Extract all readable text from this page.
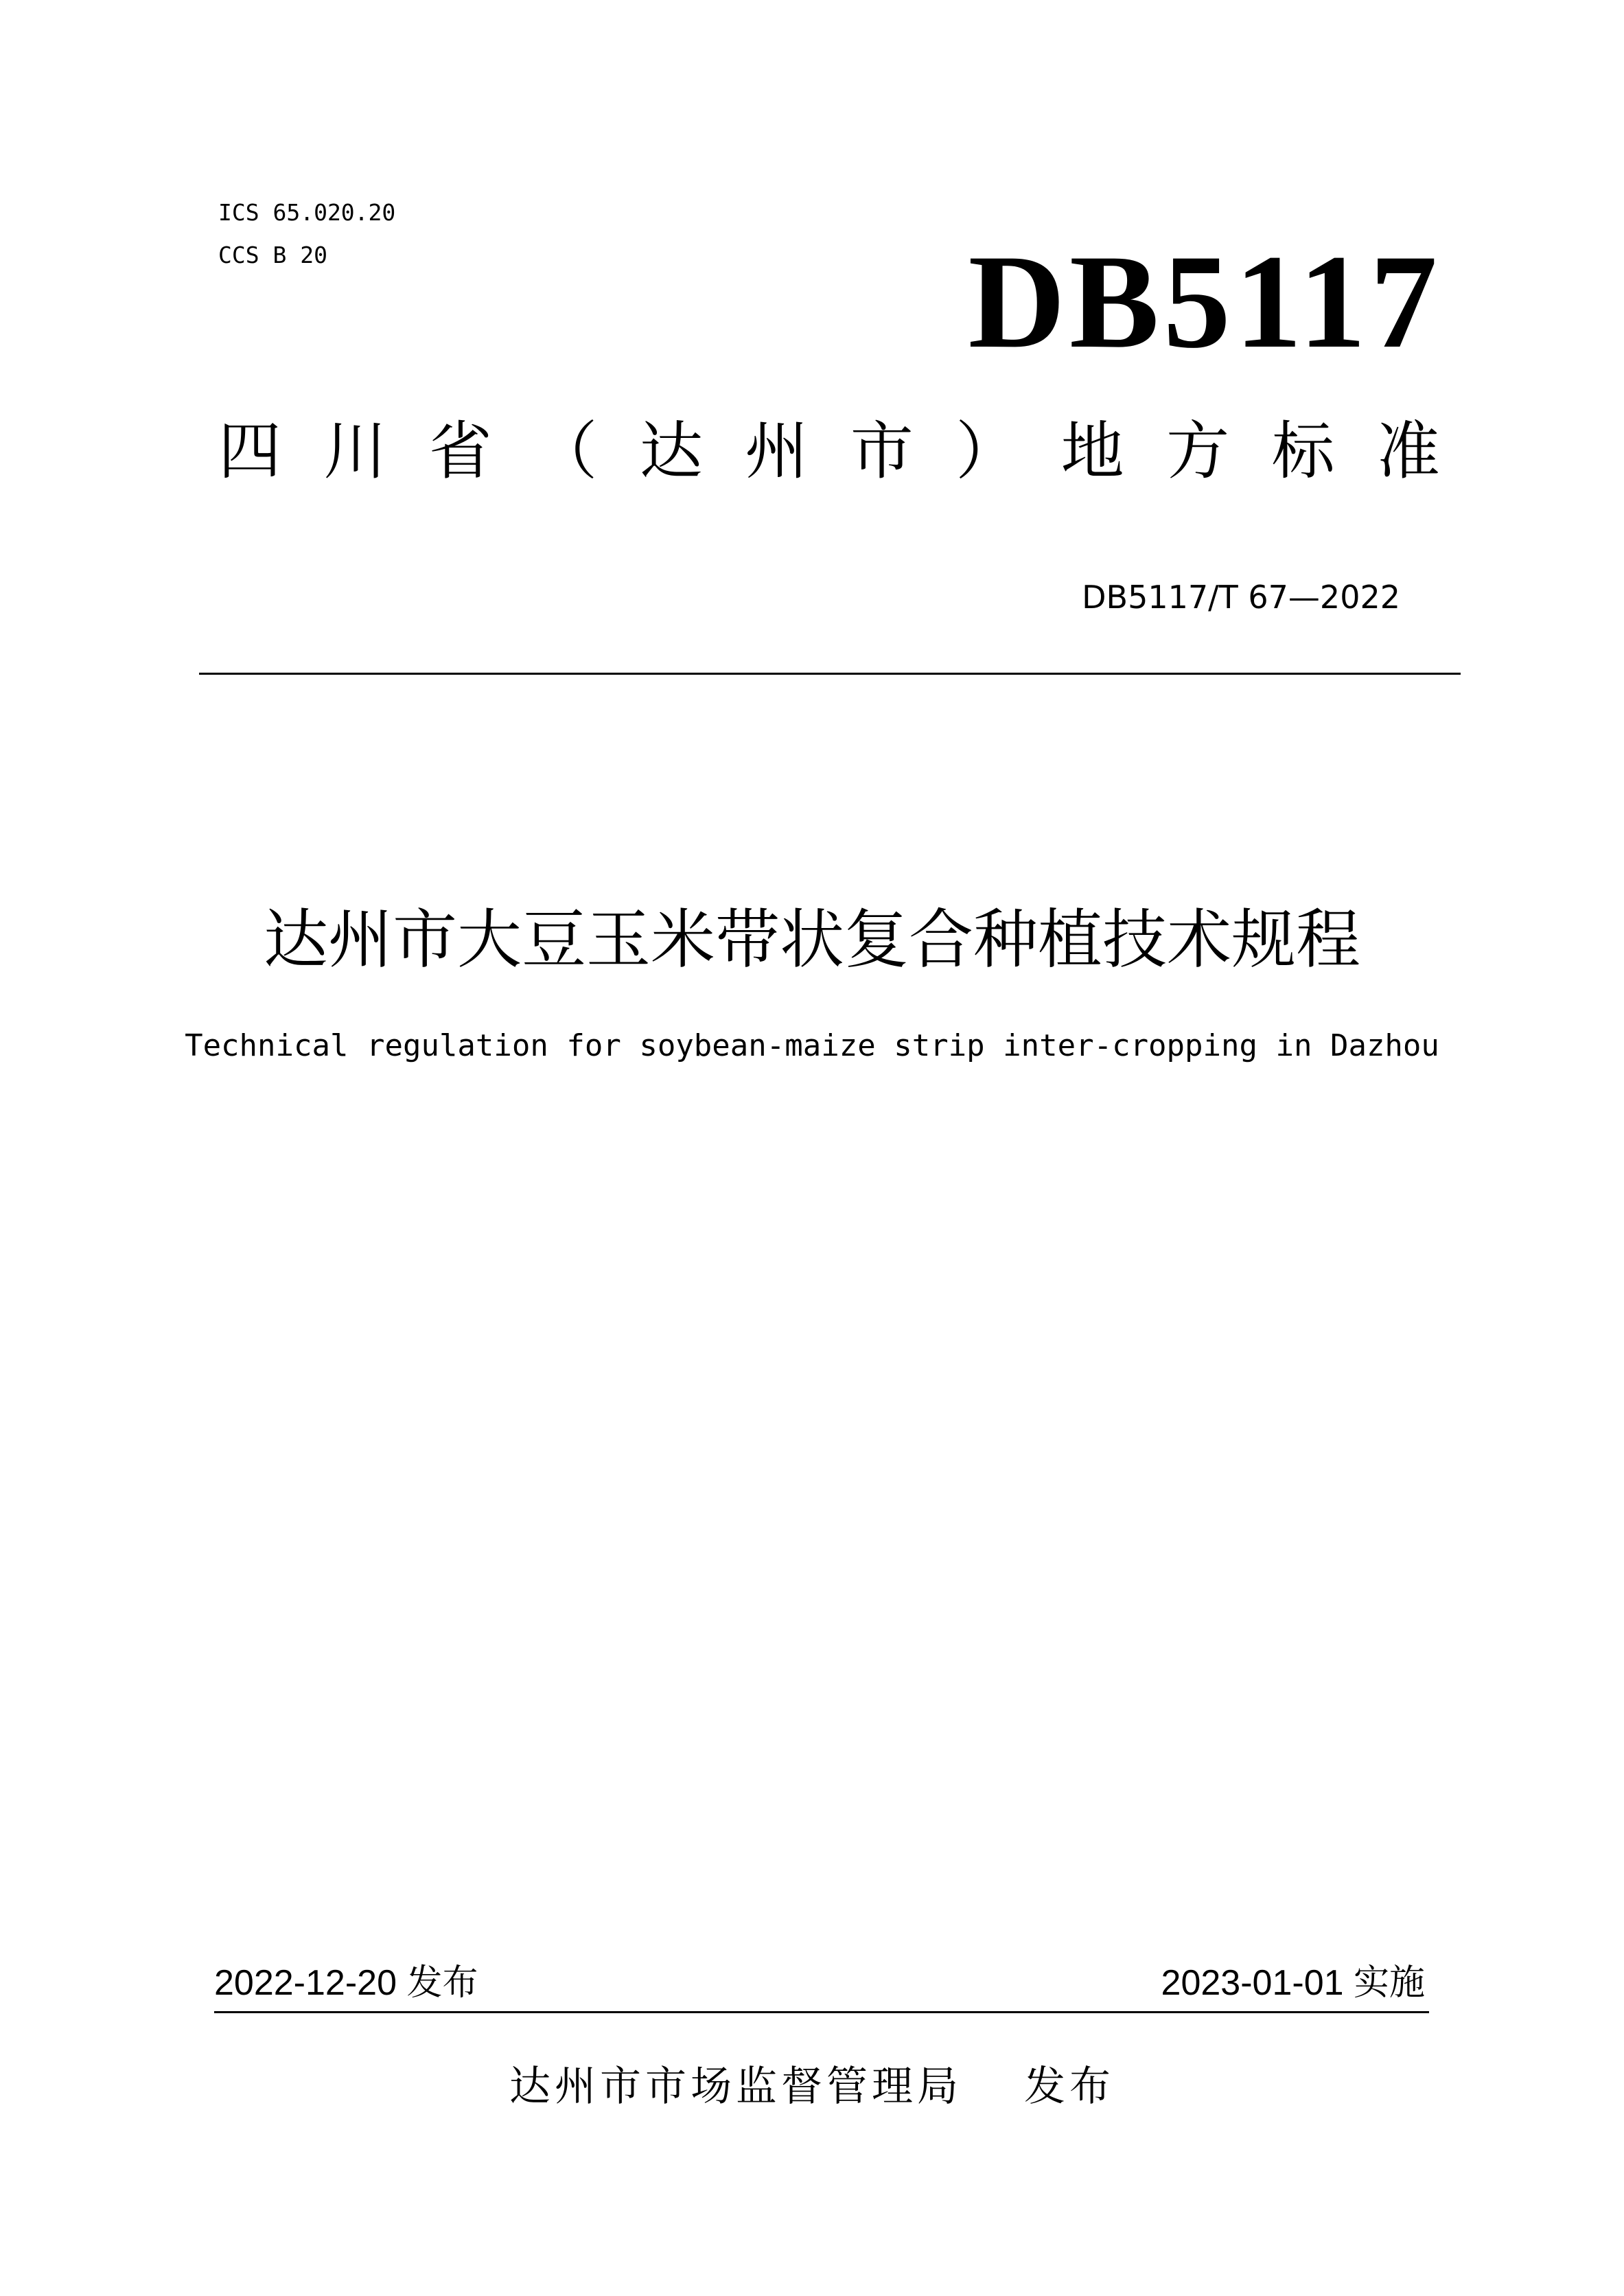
ICS 65.020.20
CCS B 20	DB5117
四 川 省 （ 达 州 市 ） 地 方 标 准
DB5117/T 67—2022
达州市大豆玉米带状复合种植技术规程
Technical regulation for soybean-maize strip inter-cropping in Dazhou
2022-12-20 发布	2023-01-01 实施
达州市市场监督管理局 发布
